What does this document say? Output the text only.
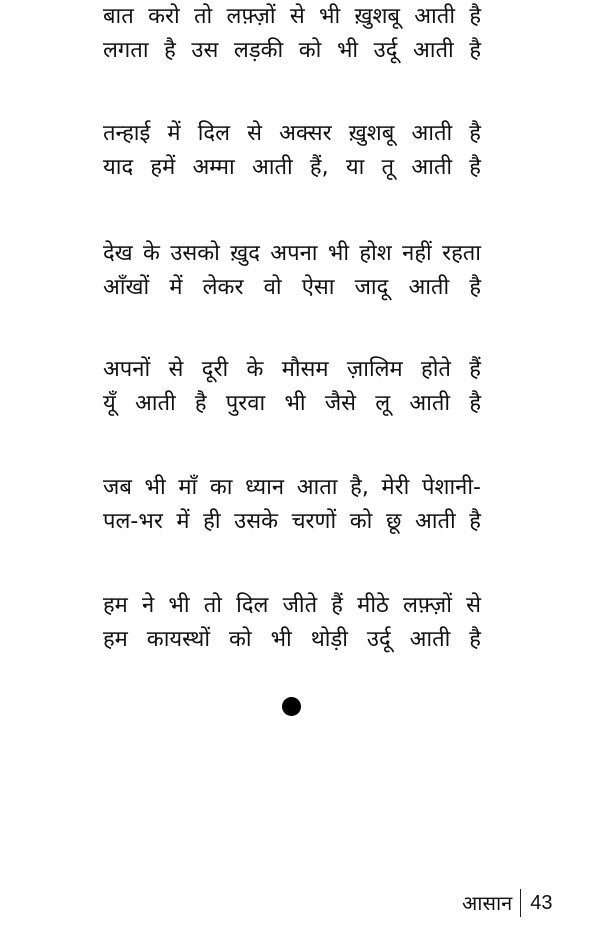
बात करो तो लफ़्ज़ों से भी ख़ुशबू आती है
लगता है उस लड़की को भी उर्दू आती है
तन्हाई में दिल से अक्सर ख़ुशबू आती है
याद हमें अम्मा आती हैं, या तू आती है
देख के उसको ख़ुद अपना भी होश नहीं रहता
आँखों में लेकर वो ऐसा जादू आती है
अपनों से दूरी के मौसम ज़ालिम होते हैं
यूँ आती है पुरवा भी जैसे लू आती है
जब भी माँ का ध्यान आता है, मेरी पेशानी-
पल-भर में ही उसके चरणों को छू आती है
हम ने भी तो दिल जीते हैं मीठे लफ़्ज़ों से
हम कायस्थों को भी थोड़ी उर्दू आती है
आसान 43
